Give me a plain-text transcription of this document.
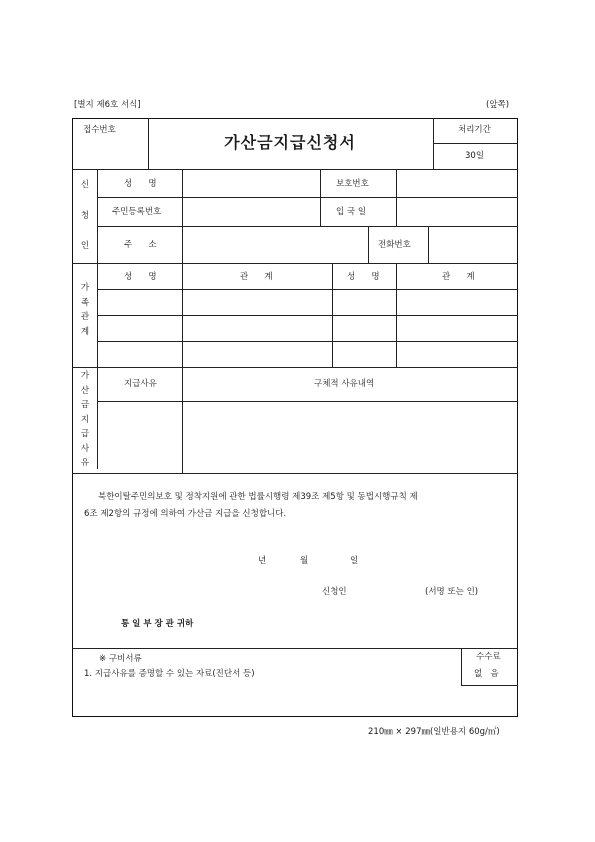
[별지 제6호 서식]	(앞쪽)
접수번호
가산금지급신청서
처리기간
30일
신
청
인
성      명	보호번호
주민등록번호	입 국 일
주      소	전화번호
가
족
관
계
성      명	관      계	성      명	관      계
가
산
금
지
급
사
유
지급사유	구체적 사유내역
북한이탈주민의보호 및 정착지원에 관한 법률시행령 제39조 제5항 및 동법시행규칙 제
6조 제2항의 규정에 의하여 가산금 지급을 신청합니다.
년	월	일
신청인	(서명 또는 인)
통 일 부 장 관 귀하
※ 구비서류
1. 지급사유를 증명할 수 있는 자료(진단서 등)
수수료
없   음
210㎜ × 297㎜(일반용지 60g/㎡)
